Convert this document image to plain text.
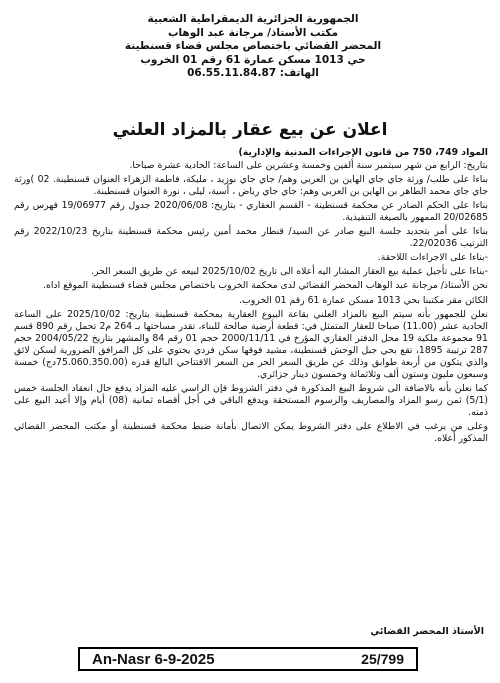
الجمهورية الجزائرية الديمقراطية الشعبية
مكتب الأستاذ/ مرجانة عبد الوهاب
المحضر القضائي باختصاص مجلس قضاء قسنطينة
حي 1013 مسكن عمارة 61 رقم 01 الخروب
الهاتف: 06.55.11.84.87
اعلان عن بيع عقار بالمزاد العلني

المواد 749، 750 من قانون الإجراءات المدنية والإدارية)

بتاريخ: الرابع من شهر سبتمبر سنة ألفين وخمسة وعشرين على الساعة: الحادية عشرة صباحا.

بناءا على طلب/ ورثة جاي جاي الهاين بن العربي وهم/ جاي جاي بوزيد ، مليكة، فاطمة الزهراء العنوان قسنطينة. 02 )ورثة جاي جاي محمد الطاهر بن الهاين بن العربي وهم: جاي جاي رياض ، أسية، ليلى ، نورة العنوان قسنطينة.

بناءا على الحكم الصادر عن محكمة قسنطينة - القسم العقاري - بتاريخ: 2020/06/08 جدول رقم 19/06977 فهرس رقم 20/02685 الممهور بالصيغة التنفيذية.

بناءا على أمر بتحديد جلسة البيع صادر عن السيد/ قنطار محمد أمين رئيس محكمة قسنطينة بتاريخ 2022/10/23 رقم الترتيب 22/02036.

-بناءا على الاجراءات اللاحقة.

-بناءا على تأجيل عملية بيع العقار المشار اليه أعلاه الى تاريخ 2025/10/02 لبيعه عن طريق السعر الحر.

نحن الأستاذ/ مرجانة عبد الوهاب المحضر القضائي لدى محكمة الخروب باختصاص مجلس قضاء قسنطينة الموقع اداه.

الكائن مقر مكتبنا بحي 1013 مسكن عمارة 61 رقم 01 الخروب.

نعلن للجمهور بأنه سيتم البيع بالمزاد العلني بقاعة البيوع العقارية بمحكمة قسنطينة بتاريخ: 2025/10/02 على الساعة الحادية عشر (11.00) صباحا للعقار المتمثل في: قطعة أرضية صالحة للبناء، تقدر مساحتها بـ 264 م2 تحمل رقم 890 قسم 91 مجموعة ملكية 19 محل الدفتر العقاري المؤرخ في 2000/11/11 حجم 01 رقم 84 والمشهر بتاريخ 2004/05/22 حجم 287 ترتيبة 1895، تقع بحي جبل الوحش قسنطينة، مشيد فوقها سكن فردي يحتوي على كل المرافق الضرورية لسكن لائق والذي يتكون من أربعة طوابق وذلك عن طريق السعر الحر من السعر الافتتاحي البالغ قدره (75.060.350.00دج) خمسة وسبعون مليون وستون ألف وثلاثمائة وخمسون دينار جزائري.

كما نعلن بأنه بالاضافة الى شروط البيع المذكورة في دفتر الشروط فإن الراسي عليه المزاد يدفع حال انعقاد الجلسة خمس (5/1) ثمن رسو المزاد والمصاريف والرسوم المستحقة ويدفع الباقي في أجل أقصاه ثمانية (08) أيام وإلا أعيد البيع على ذمته.

وعلى من يرغب في الاطلاع على دفتر الشروط يمكن الاتصال بأمانة ضبط محكمة قسنطينة أو مكتب المحضر القضائي المذكور أعلاه.

الأستاذ المحضر القضائي
An-Nasr 6-9-2025	25/799
